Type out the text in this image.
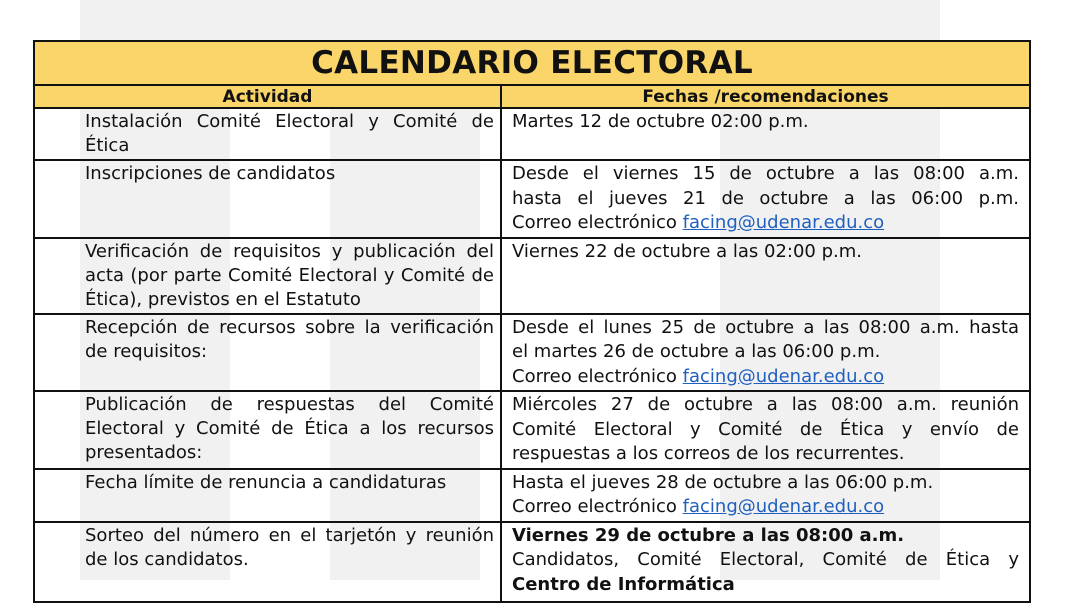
CALENDARIO ELECTORAL	
Actividad	Fechas /recomendaciones
Instalación Comité Electoral y Comité de Ética	Martes 12 de octubre 02:00 p.m.

Inscripciones de candidatos	Desde el viernes 15 de octubre a las 08:00 a.m.
hasta el jueves 21 de octubre a las 06:00 p.m.
Correo electrónico facing@udenar.edu.co

Verificación de requisitos y publicación del acta (por parte Comité Electoral y Comité de Ética), previstos en el Estatuto	Viernes 22 de octubre a las 02:00 p.m.

Recepción de recursos sobre la verificación de requisitos:	Desde el lunes 25 de octubre a las 08:00 a.m. hasta
el martes 26 de octubre a las 06:00 p.m.
Correo electrónico facing@udenar.edu.co

Publicación de respuestas del Comité Electoral y Comité de Ética a los recursos presentados:	Miércoles 27 de octubre a las 08:00 a.m. reunión
Comité Electoral y Comité de Ética y envío de
respuestas a los correos de los recurrentes.

Fecha límite de renuncia a candidaturas	Hasta el jueves 28 de octubre a las 06:00 p.m.
Correo electrónico facing@udenar.edu.co

Sorteo del número en el tarjetón y reunión de los candidatos.	Viernes 29 de octubre a las 08:00 a.m.
Candidatos, Comité Electoral, Comité de Ética y
Centro de Informática
